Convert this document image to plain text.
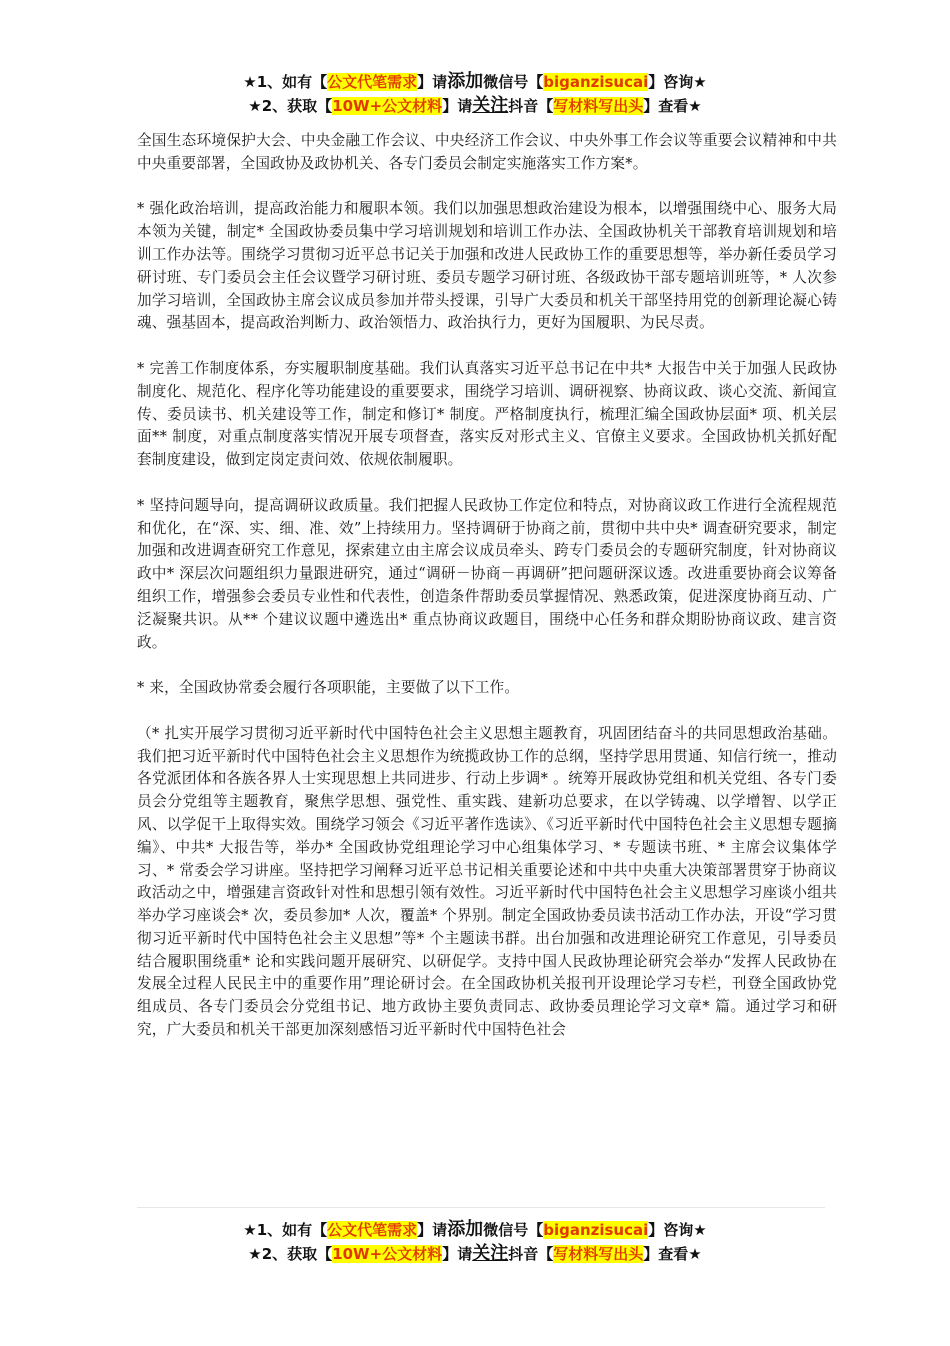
★1、如有【公文代笔需求】请添加微信号【biganzisucai】咨询★
★2、获取【10W+公文材料】请关注抖音【写材料写出头】查看★

全国生态环境保护大会、中央金融工作会议、中央经济工作会议、中央外事工作会议等重要会议精神和中共中央重要部署，全国政协及政协机关、各专门委员会制定实施落实工作方案*。

* 强化政治培训，提高政治能力和履职本领。我们以加强思想政治建设为根本，以增强围绕中心、服务大局本领为关键，制定* 全国政协委员集中学习培训规划和培训工作办法、全国政协机关干部教育培训规划和培训工作办法等。围绕学习贯彻习近平总书记关于加强和改进人民政协工作的重要思想等，举办新任委员学习研讨班、专门委员会主任会议暨学习研讨班、委员专题学习研讨班、各级政协干部专题培训班等，* 人次参加学习培训，全国政协主席会议成员参加并带头授课，引导广大委员和机关干部坚持用党的创新理论凝心铸魂、强基固本，提高政治判断力、政治领悟力、政治执行力，更好为国履职、为民尽责。

* 完善工作制度体系，夯实履职制度基础。我们认真落实习近平总书记在中共* 大报告中关于加强人民政协制度化、规范化、程序化等功能建设的重要要求，围绕学习培训、调研视察、协商议政、谈心交流、新闻宣传、委员读书、机关建设等工作，制定和修订* 制度。严格制度执行，梳理汇编全国政协层面* 项、机关层面** 制度，对重点制度落实情况开展专项督查，落实反对形式主义、官僚主义要求。全国政协机关抓好配套制度建设，做到定岗定责问效、依规依制履职。

* 坚持问题导向，提高调研议政质量。我们把握人民政协工作定位和特点，对协商议政工作进行全流程规范和优化，在“深、实、细、准、效”上持续用力。坚持调研于协商之前，贯彻中共中央* 调查研究要求，制定加强和改进调查研究工作意见，探索建立由主席会议成员牵头、跨专门委员会的专题研究制度，针对协商议政中* 深层次问题组织力量跟进研究，通过“调研－协商－再调研”把问题研深议透。改进重要协商会议筹备组织工作，增强参会委员专业性和代表性，创造条件帮助委员掌握情况、熟悉政策，促进深度协商互动、广泛凝聚共识。从** 个建议议题中遴选出* 重点协商议政题目，围绕中心任务和群众期盼协商议政、建言资政。

* 来，全国政协常委会履行各项职能，主要做了以下工作。

（* 扎实开展学习贯彻习近平新时代中国特色社会主义思想主题教育，巩固团结奋斗的共同思想政治基础。我们把习近平新时代中国特色社会主义思想作为统揽政协工作的总纲，坚持学思用贯通、知信行统一，推动各党派团体和各族各界人士实现思想上共同进步、行动上步调* 。统筹开展政协党组和机关党组、各专门委员会分党组等主题教育，聚焦学思想、强党性、重实践、建新功总要求，在以学铸魂、以学增智、以学正风、以学促干上取得实效。围绕学习领会《习近平著作选读》、《习近平新时代中国特色社会主义思想专题摘编》、中共* 大报告等，举办* 全国政协党组理论学习中心组集体学习、* 专题读书班、* 主席会议集体学习、* 常委会学习讲座。坚持把学习阐释习近平总书记相关重要论述和中共中央重大决策部署贯穿于协商议政活动之中，增强建言资政针对性和思想引领有效性。习近平新时代中国特色社会主义思想学习座谈小组共举办学习座谈会* 次，委员参加* 人次，覆盖* 个界别。制定全国政协委员读书活动工作办法，开设“学习贯彻习近平新时代中国特色社会主义思想”等* 个主题读书群。出台加强和改进理论研究工作意见，引导委员结合履职围绕重* 论和实践问题开展研究、以研促学。支持中国人民政协理论研究会举办“发挥人民政协在发展全过程人民民主中的重要作用”理论研讨会。在全国政协机关报刊开设理论学习专栏，刊登全国政协党组成员、各专门委员会分党组书记、地方政协主要负责同志、政协委员理论学习文章* 篇。通过学习和研究，广大委员和机关干部更加深刻感悟习近平新时代中国特色社会

★1、如有【公文代笔需求】请添加微信号【biganzisucai】咨询★
★2、获取【10W+公文材料】请关注抖音【写材料写出头】查看★
